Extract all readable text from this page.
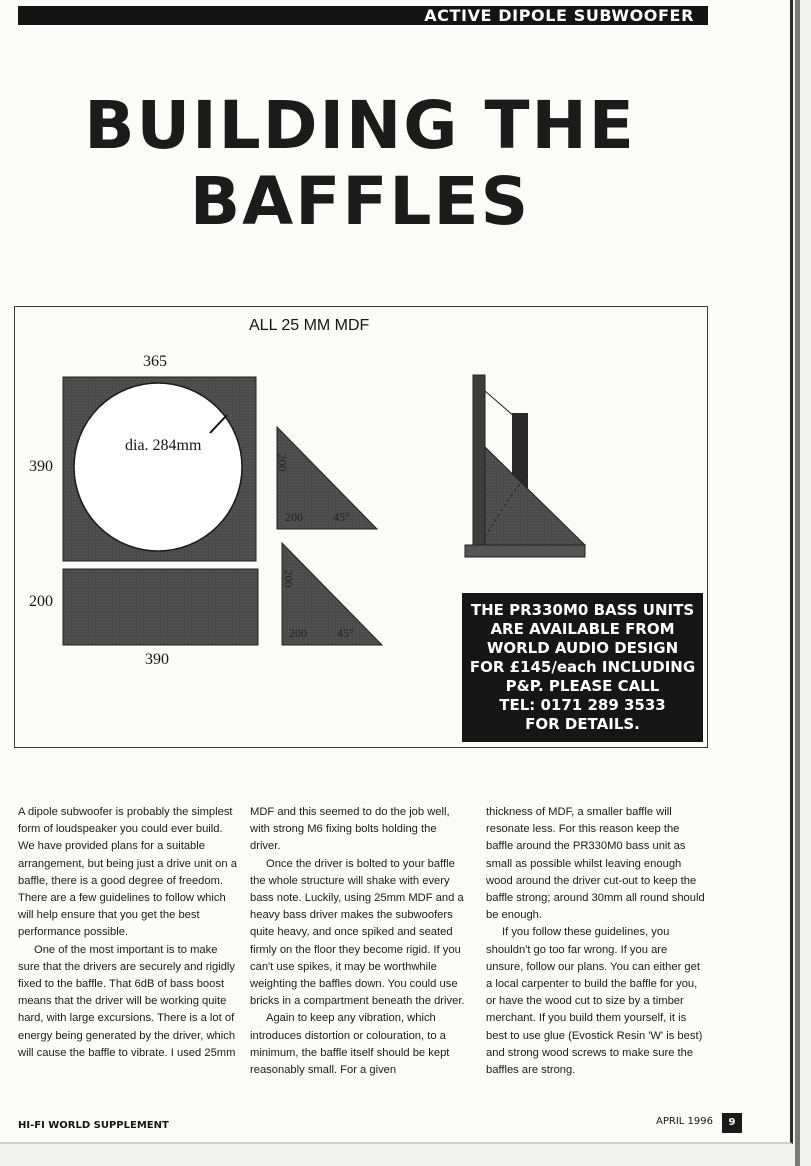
ACTIVE DIPOLE SUBWOOFER
BUILDING THE
BAFFLES
ALL 25 MM MDF
365
390
dia. 284mm
200
390
200
200	45°
200
200	45°
THE PR330M0 BASS UNITS
ARE AVAILABLE FROM
WORLD AUDIO DESIGN
FOR £145/each INCLUDING
P&P. PLEASE CALL
TEL: 0171 289 3533
FOR DETAILS.

A dipole subwoofer is probably the simplest form of loudspeaker you could ever build. We have provided plans for a suitable arrangement, but being just a drive unit on a baffle, there is a good degree of freedom. There are a few guidelines to follow which will help ensure that you get the best performance possible.

One of the most important is to make sure that the drivers are securely and rigidly fixed to the baffle. That 6dB of bass boost means that the driver will be working quite hard, with large excursions. There is a lot of energy being generated by the driver, which will cause the baffle to vibrate. I used 25mm

MDF and this seemed to do the job well, with strong M6 fixing bolts holding the driver.

Once the driver is bolted to your baffle the whole structure will shake with every bass note. Luckily, using 25mm MDF and a heavy bass driver makes the subwoofers quite heavy, and once spiked and seated firmly on the floor they become rigid. If you can't use spikes, it may be worthwhile weighting the baffles down. You could use bricks in a compartment beneath the driver.

Again to keep any vibration, which introduces distortion or colouration, to a minimum, the baffle itself should be kept reasonably small. For a given

thickness of MDF, a smaller baffle will resonate less. For this reason keep the baffle around the PR330M0 bass unit as small as possible whilst leaving enough wood around the driver cut-out to keep the baffle strong; around 30mm all round should be enough.

If you follow these guidelines, you shouldn't go too far wrong. If you are unsure, follow our plans. You can either get a local carpenter to build the baffle for you, or have the wood cut to size by a timber merchant. If you build them yourself, it is best to use glue (Evostick Resin 'W' is best) and strong wood screws to make sure the baffles are strong.

HI-FI WORLD SUPPLEMENT	APRIL 1996	9
